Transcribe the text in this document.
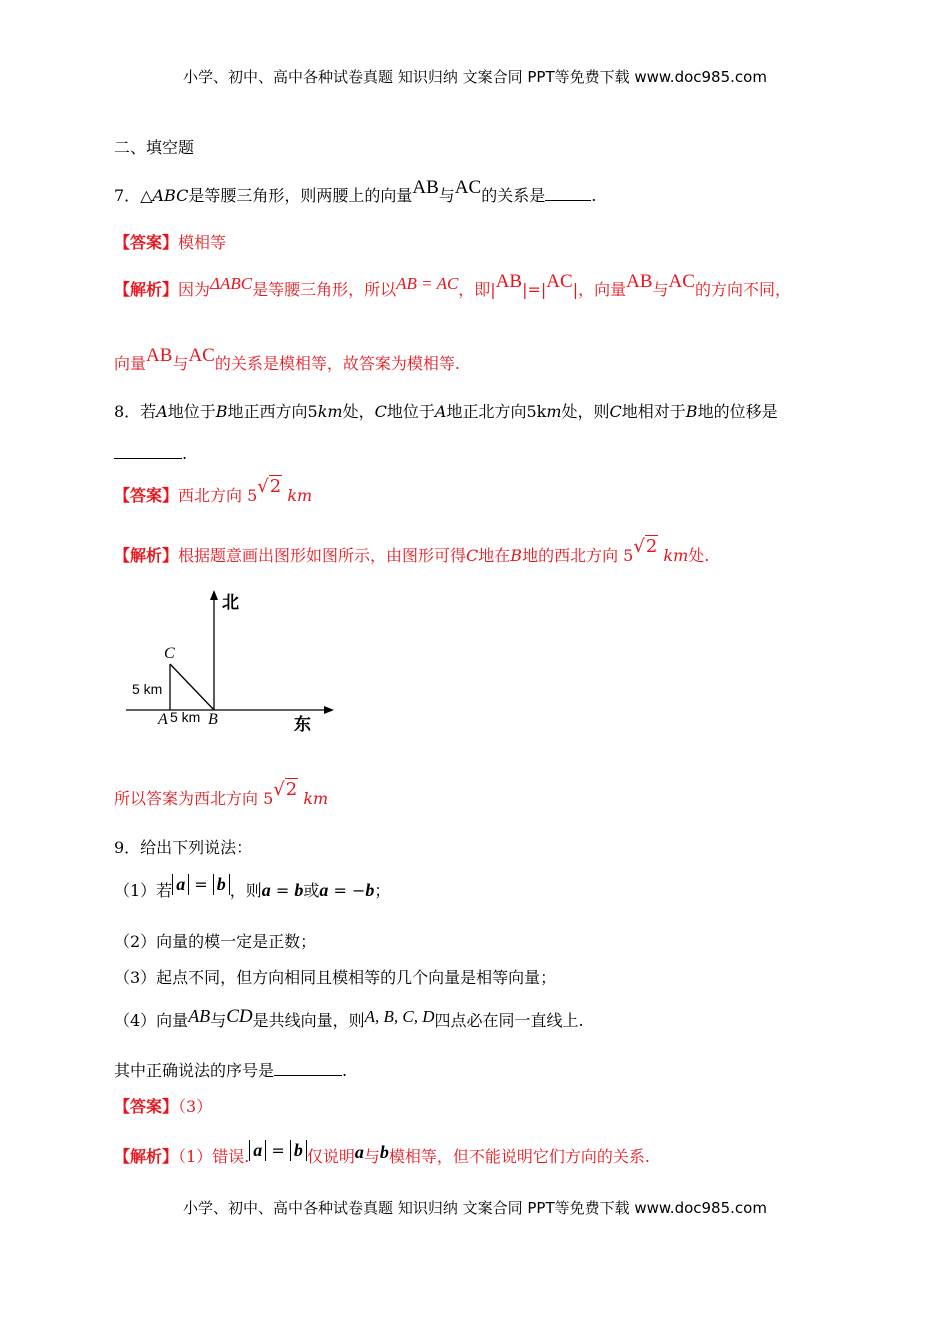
小学、初中、高中各种试卷真题 知识归纳 文案合同 PPT等免费下载 www.doc985.com
二、填空题
7．△ABC是等腰三角形，则两腰上的向量AB与AC的关系是	.
【答案】模相等
【解析】因为ΔABC是等腰三角形，所以AB = AC，即|AB|=|AC|，向量AB与AC的方向不同，
向量AB与AC的关系是模相等，故答案为模相等.
8．若A地位于B地正西方向5km处，C地位于A地正北方向5km处，则C地相对于B地的位移是
.
【答案】西北方向 5√2 km
【解析】根据题意画出图形如图所示，由图形可得C地在B地的西北方向 5√2 km处.
北
东
C
A	B
5 km
5 km
所以答案为西北方向 5√2 km
9．给出下列说法：
（1）若 a = b ，则a = b或a = −b；
（2）向量的模一定是正数；
（3）起点不同，但方向相同且模相等的几个向量是相等向量；
（4）向量AB与CD是共线向量，则A, B, C, D四点必在同一直线上.
其中正确说法的序号是	.
【答案】（3）
【解析】（1）错误. a = b 仅说明a与b模相等，但不能说明它们方向的关系.
小学、初中、高中各种试卷真题 知识归纳 文案合同 PPT等免费下载 www.doc985.com
